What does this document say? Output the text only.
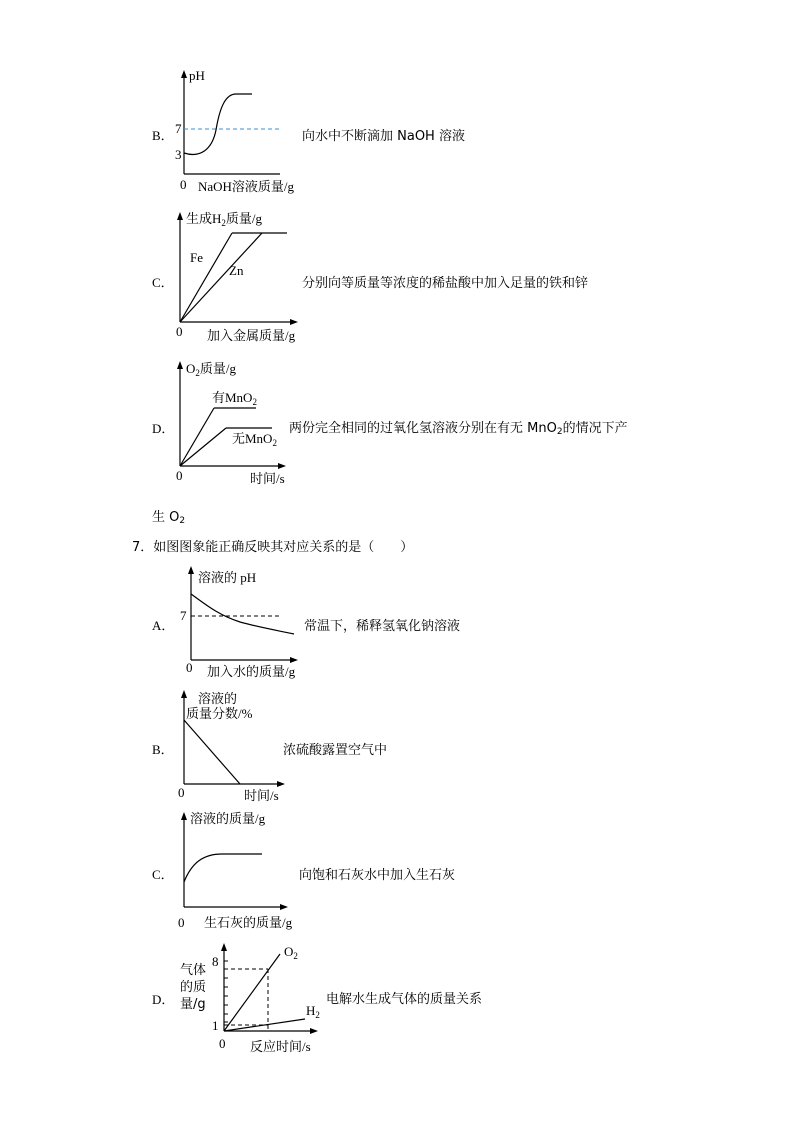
B．
pH
7
3
0 NaOH溶液质量/g
向水中不断滴加 NaOH 溶液
C．
生成$H_2$质量/g
Fe
Zn
0 加入金属质量/g
分别向等质量等浓度的稀盐酸中加入足量的铁和锌
D．
$O_2$质量/g
有MnO$_2$
无MnO$_2$
0	时间/s
两份完全相同的过氧化氢溶液分别在有无 MnO$_2$的情况下产
生 $O_2$
7．如图图象能正确反映其对应关系的是（　　）
A．
溶液的 pH
7
0 加入水的质量/g
常温下，稀释氢氧化钠溶液
B．
溶液的
质量分数/%
0	时间/s
浓硫酸露置空气中
C．
溶液的质量/g
0 生石灰的质量/g
向饱和石灰水中加入生石灰
D．
8
1
$O_2$
$H_2$
0 反应时间/s
气体
的质
量/g	电解水生成气体的质量关系
